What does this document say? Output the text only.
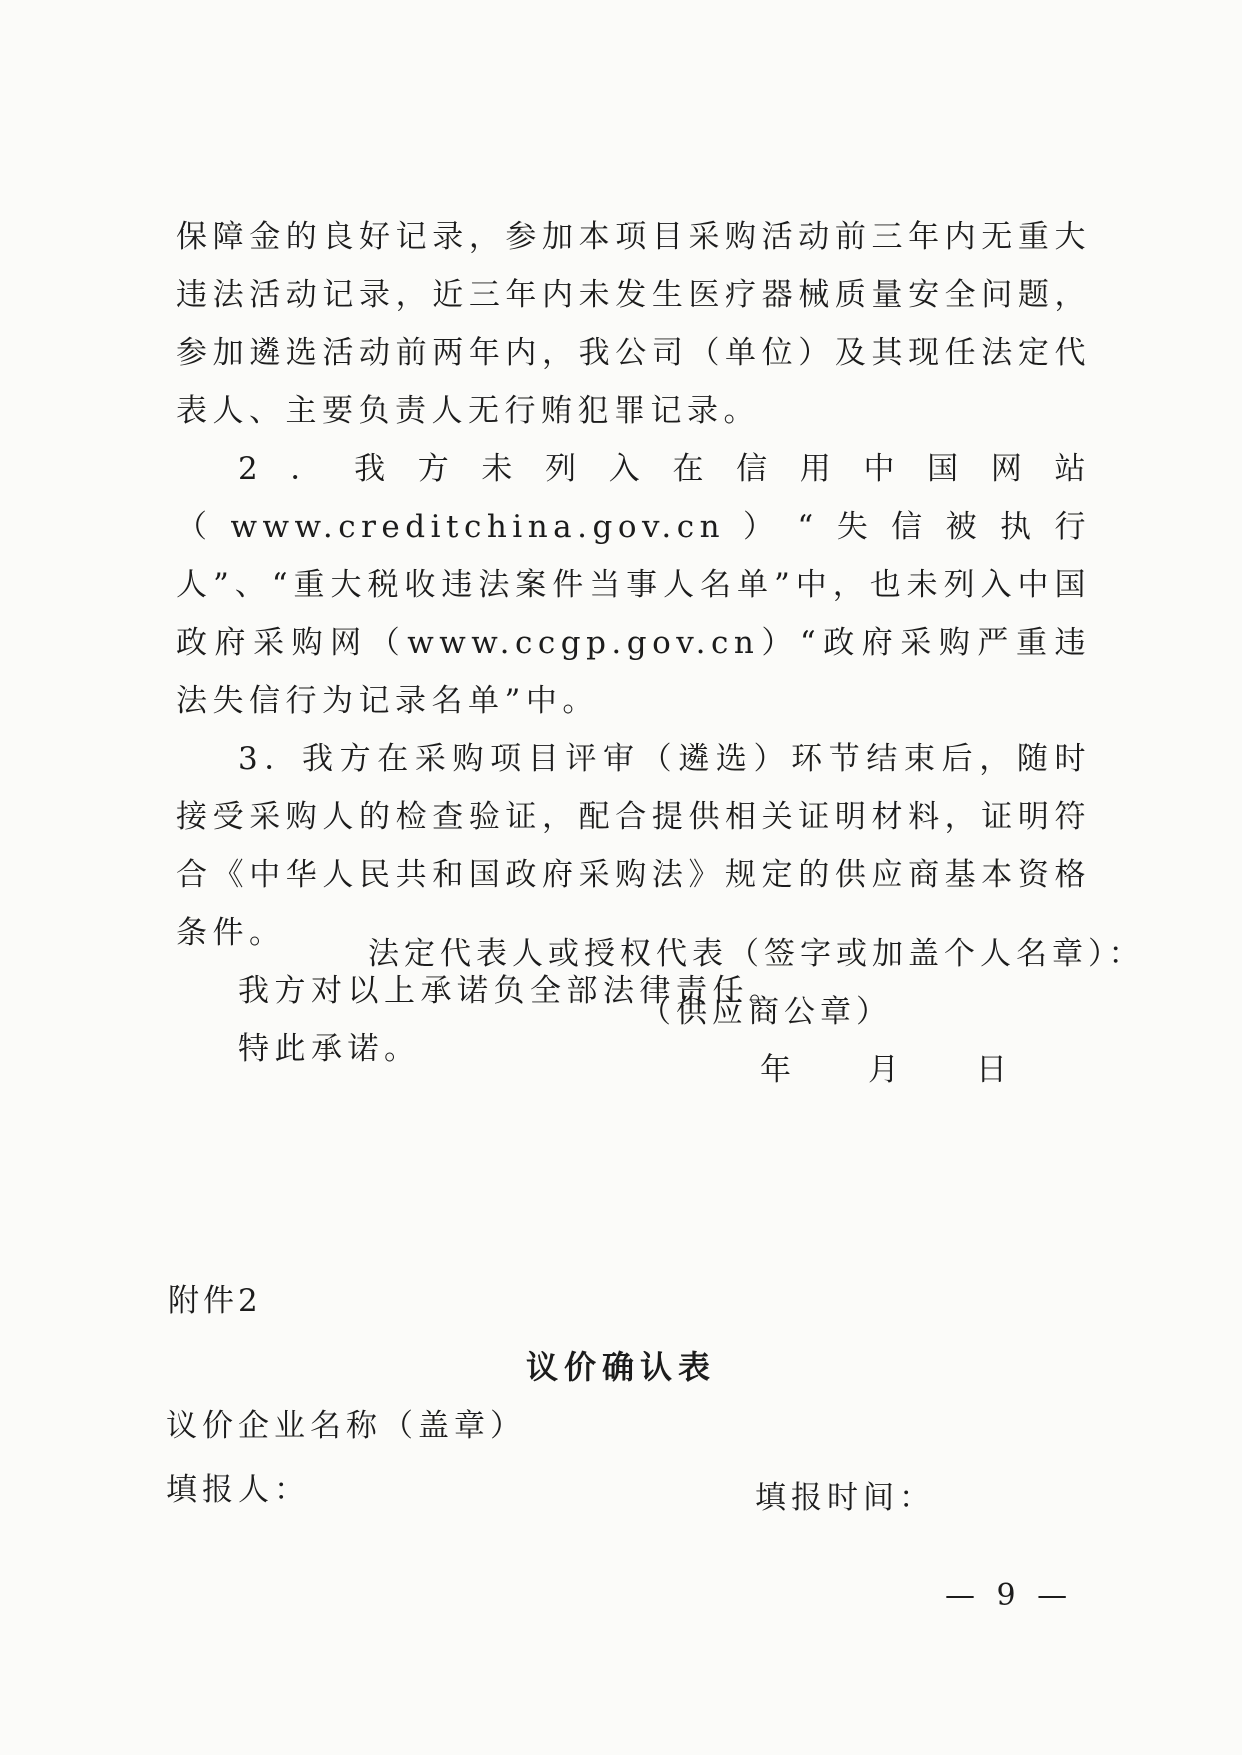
保障金的良好记录，参加本项目采购活动前三年内无重大违法活动记录，近三年内未发生医疗器械质量安全问题，参加遴选活动前两年内，我公司（单位）及其现任法定代表人、主要负责人无行贿犯罪记录。

2．我方未列入在信用中国网站（www.creditchina.gov.cn）“失信被执行人”、“重大税收违法案件当事人名单”中，也未列入中国政府采购网（www.ccgp.gov.cn）“政府采购严重违法失信行为记录名单”中。

3．我方在采购项目评审（遴选）环节结束后，随时接受采购人的检查验证，配合提供相关证明材料，证明符合《中华人民共和国政府采购法》规定的供应商基本资格条件。

我方对以上承诺负全部法律责任。

特此承诺。

法定代表人或授权代表（签字或加盖个人名章）：
（供应商公章）
年　　月　　日
附件2
议价确认表
议价企业名称（盖章）
填报人：	填报时间：
— 9 —
